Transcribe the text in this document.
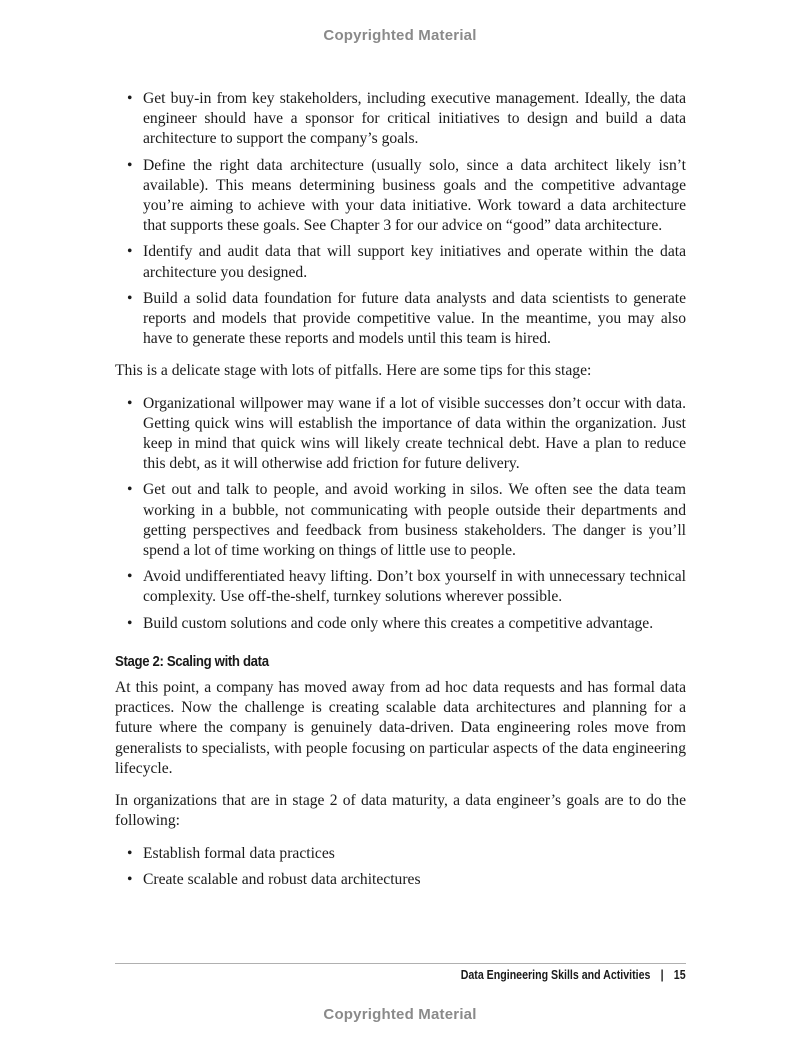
Copyrighted Material
• Get buy-in from key stakeholders, including executive management. Ideally, the data engineer should have a sponsor for critical initiatives to design and build a data architecture to support the company’s goals.
• Define the right data architecture (usually solo, since a data architect likely isn’t available). This means determining business goals and the competitive advantage you’re aiming to achieve with your data initiative. Work toward a data architecture that supports these goals. See Chapter 3 for our advice on “good” data architecture.
• Identify and audit data that will support key initiatives and operate within the data architecture you designed.
• Build a solid data foundation for future data analysts and data scientists to generate reports and models that provide competitive value. In the meantime, you may also have to generate these reports and models until this team is hired.

This is a delicate stage with lots of pitfalls. Here are some tips for this stage:

• Organizational willpower may wane if a lot of visible successes don’t occur with data. Getting quick wins will establish the importance of data within the organization. Just keep in mind that quick wins will likely create technical debt. Have a plan to reduce this debt, as it will otherwise add friction for future delivery.
• Get out and talk to people, and avoid working in silos. We often see the data team working in a bubble, not communicating with people outside their departments and getting perspectives and feedback from business stakeholders. The danger is you’ll spend a lot of time working on things of little use to people.
• Avoid undifferentiated heavy lifting. Don’t box yourself in with unnecessary technical complexity. Use off-the-shelf, turnkey solutions wherever possible.
• Build custom solutions and code only where this creates a competitive advantage.
Stage 2: Scaling with data

At this point, a company has moved away from ad hoc data requests and has formal data practices. Now the challenge is creating scalable data architectures and planning for a future where the company is genuinely data-driven. Data engineering roles move from generalists to specialists, with people focusing on particular aspects of the data engineering lifecycle.

In organizations that are in stage 2 of data maturity, a data engineer’s goals are to do the following:

• Establish formal data practices
• Create scalable and robust data architectures
Data Engineering Skills and Activities | 15
Copyrighted Material
